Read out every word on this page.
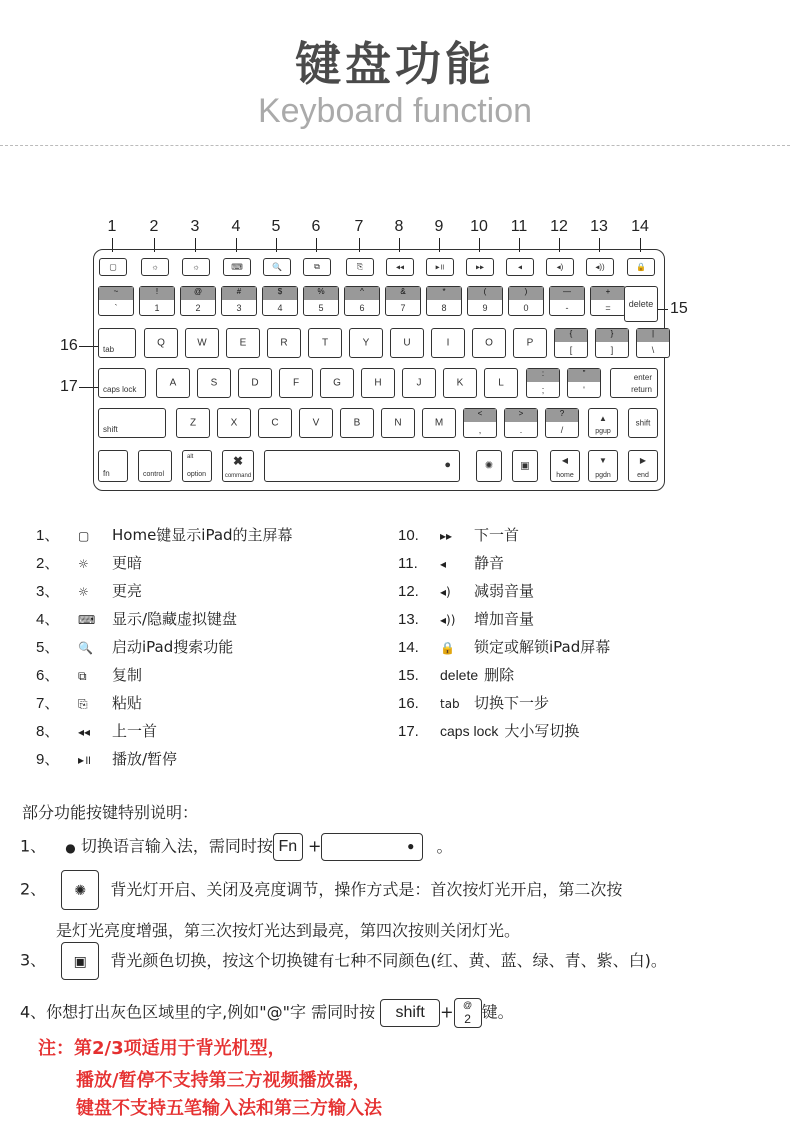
键盘功能
Keyboard function
1	2	3	4	5	6	7	8	9	10 11 12 13 14
15
16
17
▢	☼	☼	⌨	🔍	⧉	⎘	◂◂	▸॥	▸▸	◂	◂)	◂))	🔒
~
`
!
1
@
2
#
3
$
4
%
5
^
6
&
7
*
8
(
9
)
0
—
-
+
=	delete
tab
Q	W	E	R	T	Y	U	I	O	P
{
[
}
]
|
\
caps lock
A	S	D	F	G	H	J	K	L
:
;
"
'
enter
return
shift
Z	X	C	V	B	N	M
<
,
>
.
?
/
▲
pgup
shift
fn	control
alt
option
✖
command
●	✺	▣	◀
home
▼
pgdn
▶
end
1、 ▢ Home键显示iPad的主屏幕
2、 ☼ 更暗
3、 ☼ 更亮
4、 ⌨ 显示/隐藏虚拟键盘
5、 🔍 启动iPad搜索功能
6、 ⧉ 复制
7、 ⎘ 粘贴
8、 ◂◂ 上一首
9、 ▸॥ 播放/暂停
10. ▸▸ 下一首
11. ◂ 静音
12. ◂) 减弱音量
13. ◂)) 增加音量
14. 🔒 锁定或解锁iPad屏幕
15. delete 删除
16. tab 切换下一步
17. caps lock 大小写切换
部分功能按键特别说明：
1、 ● 切换语言输入法，需同时按 Fn +	● 。
2、 ✺ 背光灯开启、关闭及亮度调节，操作方式是：首次按灯光开启，第二次按
是灯光亮度增强，第三次按灯光达到最亮，第四次按则关闭灯光。
3、 ▣ 背光颜色切换，按这个切换键有七种不同颜色(红、黄、蓝、绿、青、紫、白)。
4、你想打出灰色区域里的字,例如"@"字 需同时按 shift +	@
2 键。
注：第2/3项适用于背光机型，
播放/暂停不支持第三方视频播放器，
键盘不支持五笔输入法和第三方输入法
